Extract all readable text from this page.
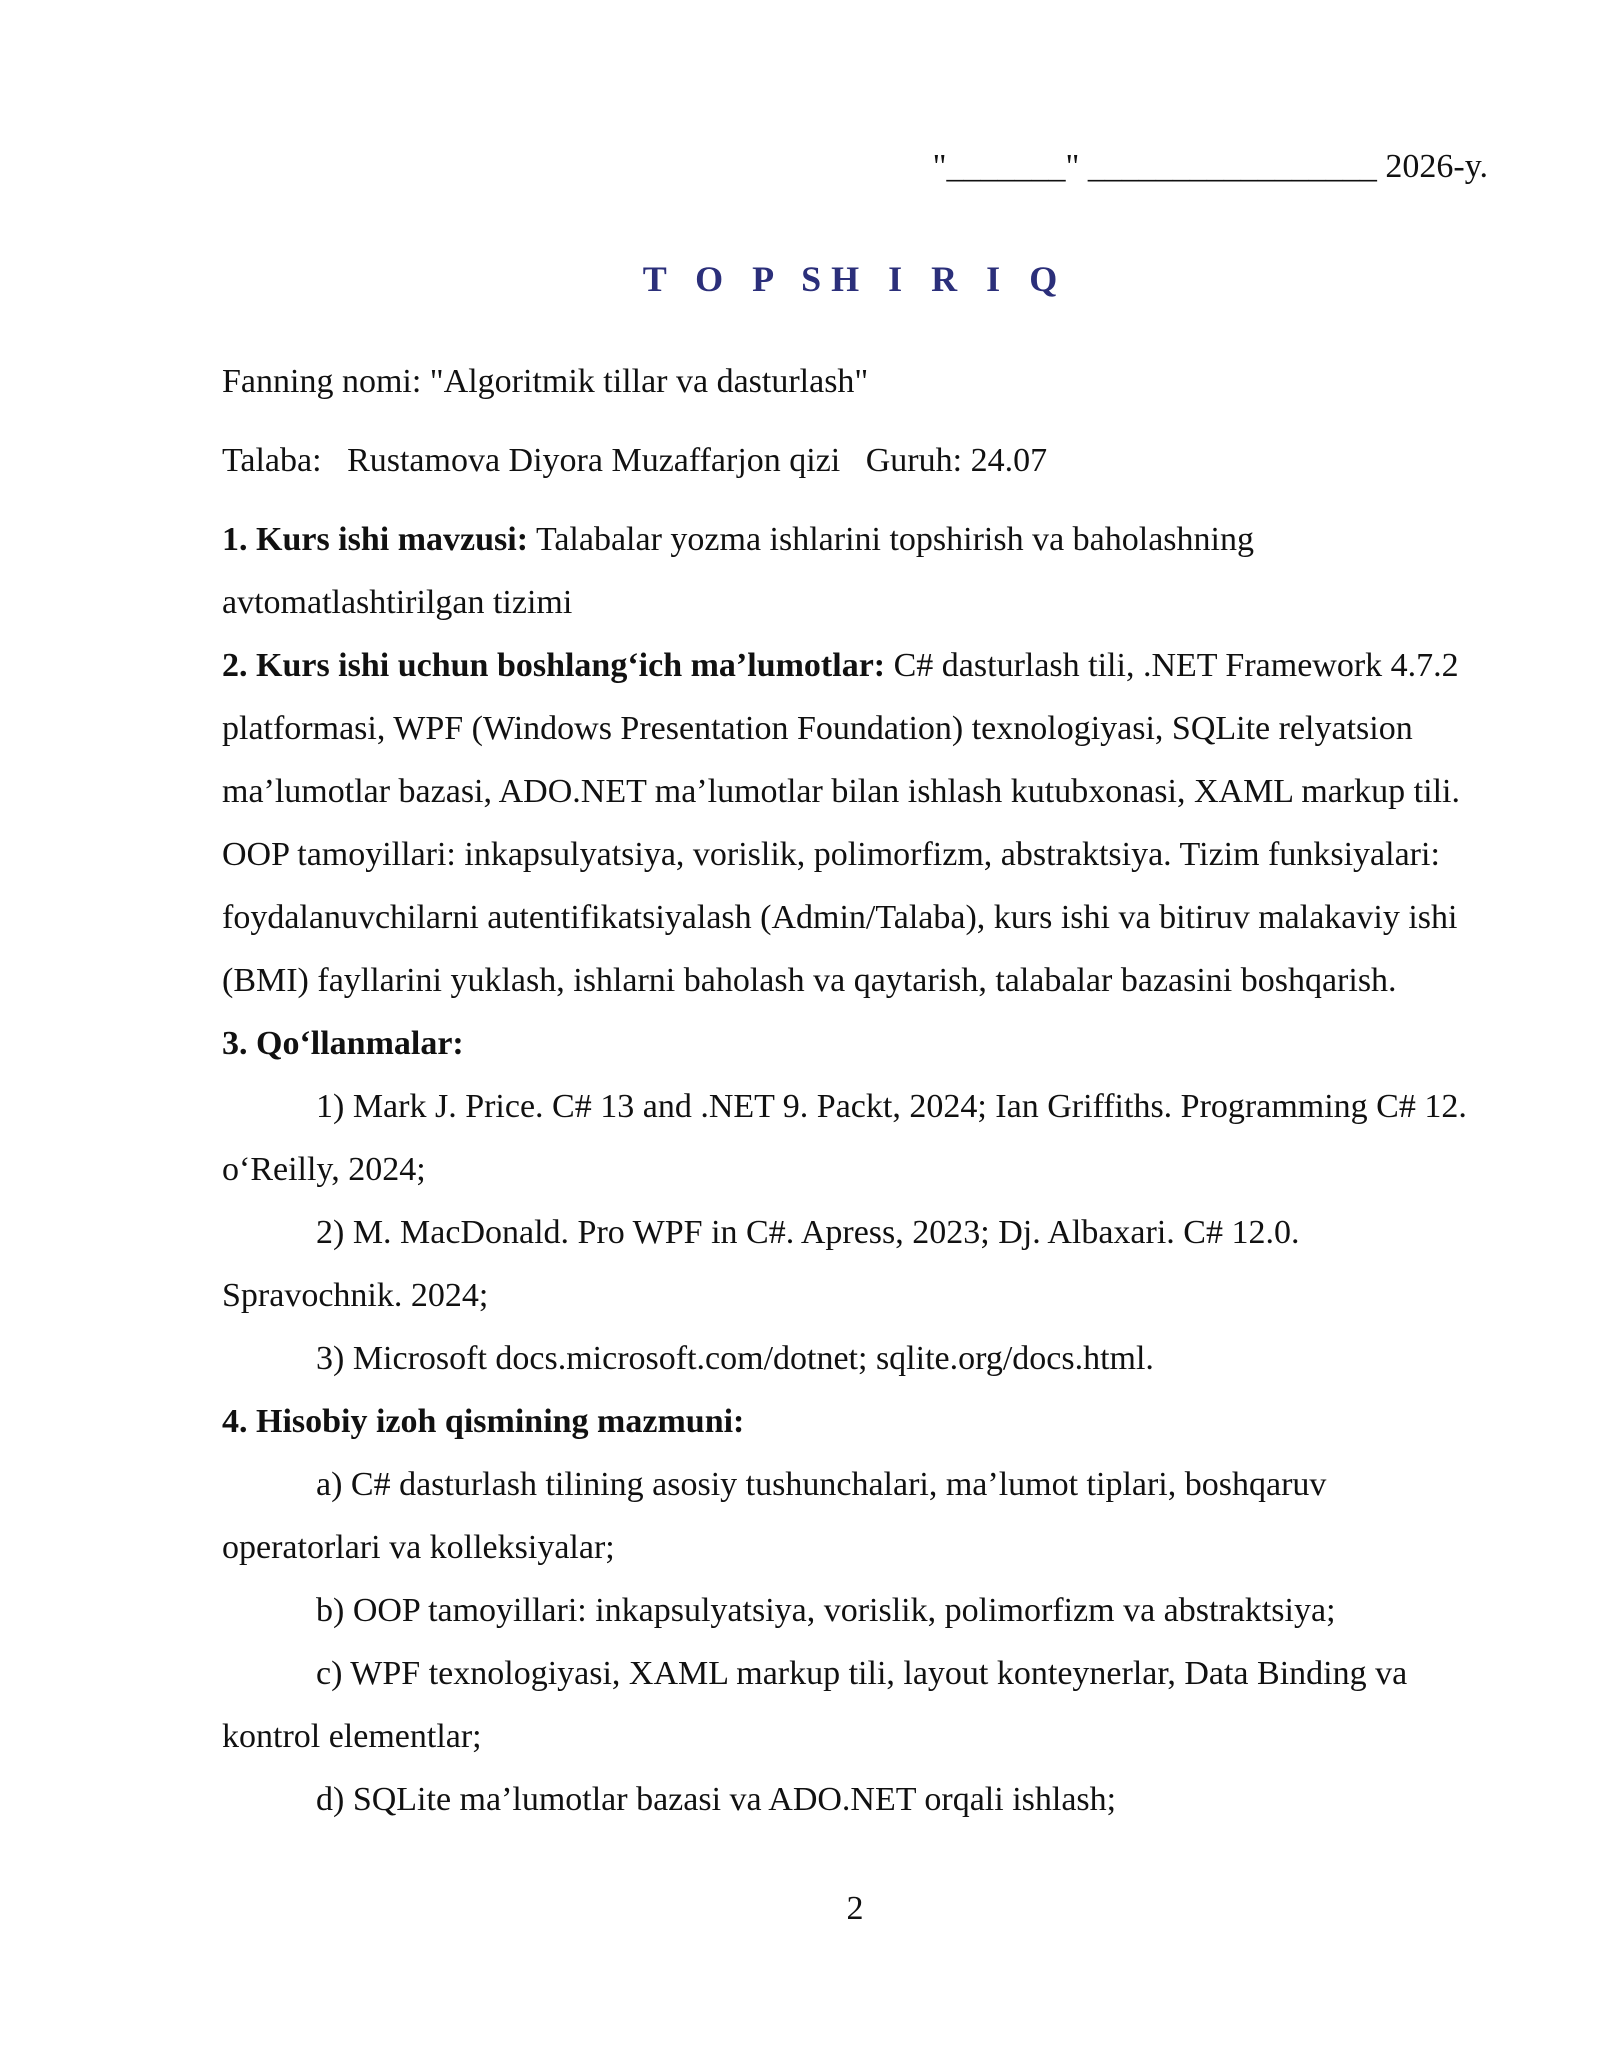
"_______" _________________ 2026-y.
T O P SH I R I Q

Fanning nomi: "Algoritmik tillar va dasturlash"

Talaba: Rustamova Diyora Muzaffarjon qizi Guruh: 24.07

1. Kurs ishi mavzusi: Talabalar yozma ishlarini topshirish va baholashning avtomatlashtirilgan tizimi

2. Kurs ishi uchun boshlang‘ich ma’lumotlar: C# dasturlash tili, .NET Framework 4.7.2 platformasi, WPF (Windows Presentation Foundation) texnologiyasi, SQLite relyatsion ma’lumotlar bazasi, ADO.NET ma’lumotlar bilan ishlash kutubxonasi, XAML markup tili. OOP tamoyillari: inkapsulyatsiya, vorislik, polimorfizm, abstraktsiya. Tizim funksiyalari: foydalanuvchilarni autentifikatsiyalash (Admin/Talaba), kurs ishi va bitiruv malakaviy ishi (BMI) fayllarini yuklash, ishlarni baholash va qaytarish, talabalar bazasini boshqarish.

3. Qo‘llanmalar:

1) Mark J. Price. C# 13 and .NET 9. Packt, 2024; Ian Griffiths. Programming C# 12. o‘Reilly, 2024;

2) M. MacDonald. Pro WPF in C#. Apress, 2023; Dj. Albaxari. C# 12.0. Spravochnik. 2024;

3) Microsoft docs.microsoft.com/dotnet; sqlite.org/docs.html.

4. Hisobiy izoh qismining mazmuni:

a) C# dasturlash tilining asosiy tushunchalari, ma’lumot tiplari, boshqaruv operatorlari va kolleksiyalar;

b) OOP tamoyillari: inkapsulyatsiya, vorislik, polimorfizm va abstraktsiya;

c) WPF texnologiyasi, XAML markup tili, layout konteynerlar, Data Binding va kontrol elementlar;

d) SQLite ma’lumotlar bazasi va ADO.NET orqali ishlash;

2
